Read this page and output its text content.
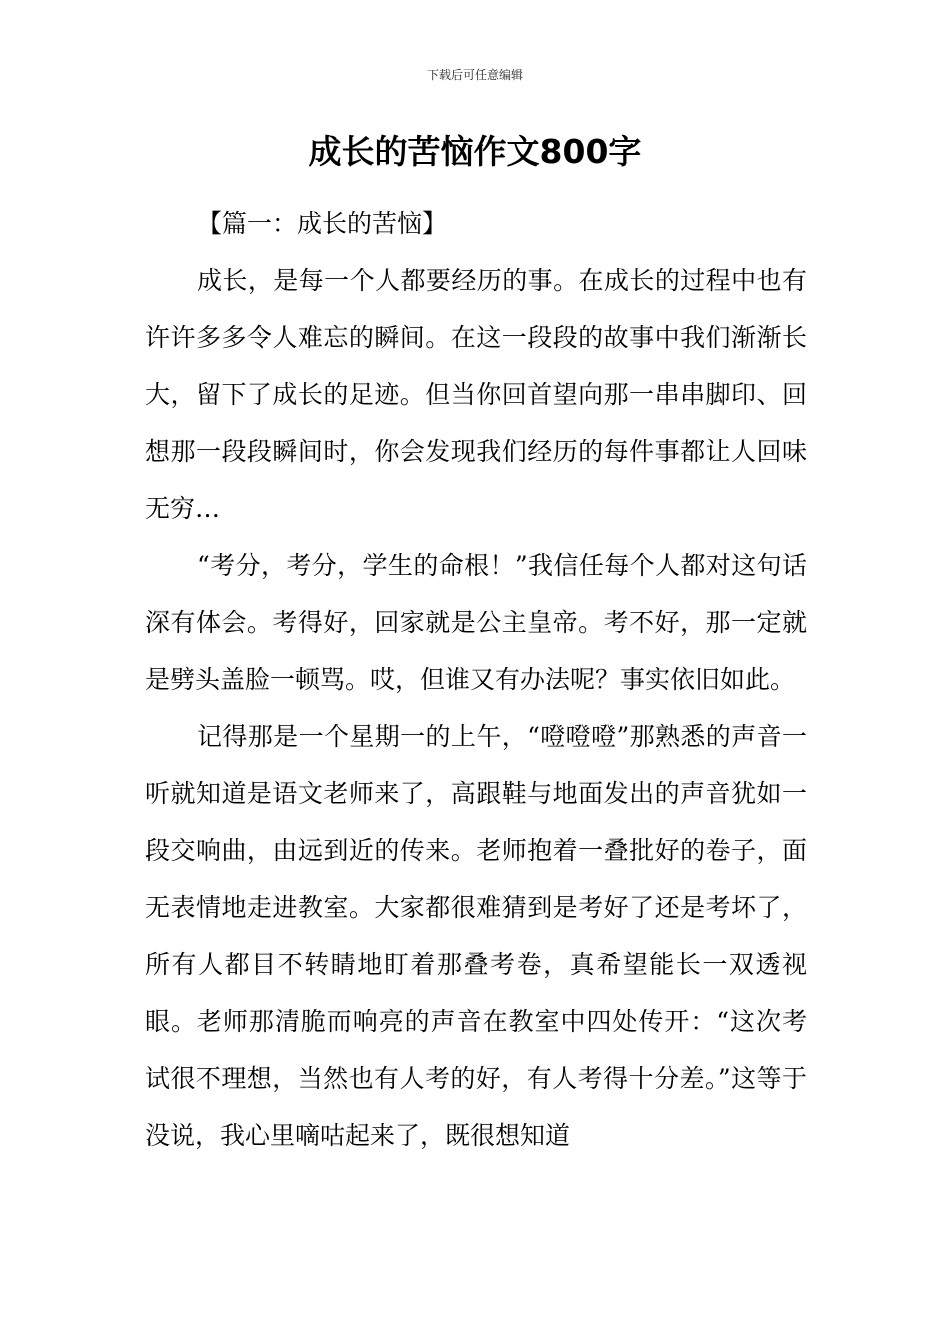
下载后可任意编辑
成长的苦恼作文800字

【篇一：成长的苦恼】

成长，是每一个人都要经历的事。在成长的过程中也有许许多多令人难忘的瞬间。在这一段段的故事中我们渐渐长大，留下了成长的足迹。但当你回首望向那一串串脚印、回想那一段段瞬间时，你会发现我们经历的每件事都让人回味无穷…

“考分，考分，学生的命根！”我信任每个人都对这句话深有体会。考得好，回家就是公主皇帝。考不好，那一定就是劈头盖脸一顿骂。哎，但谁又有办法呢？事实依旧如此。

记得那是一个星期一的上午，“噔噔噔”那熟悉的声音一听就知道是语文老师来了，高跟鞋与地面发出的声音犹如一段交响曲，由远到近的传来。老师抱着一叠批好的卷子，面无表情地走进教室。大家都很难猜到是考好了还是考坏了，所有人都目不转睛地盯着那叠考卷，真希望能长一双透视眼。老师那清脆而响亮的声音在教室中四处传开：“这次考试很不理想，当然也有人考的好，有人考得十分差。”这等于没说，我心里嘀咕起来了，既很想知道
